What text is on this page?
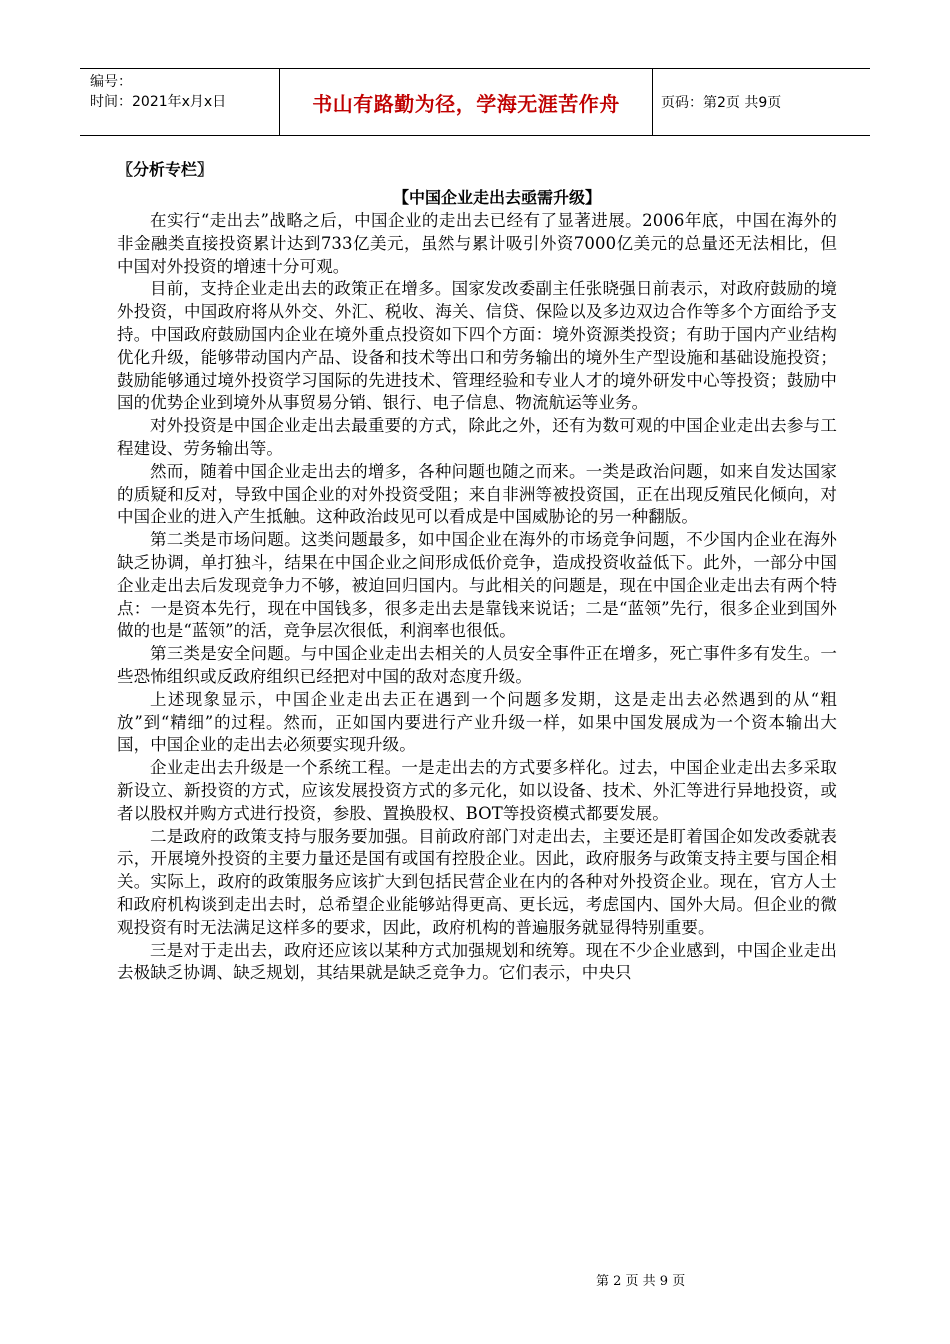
编号：
时间：2021年x月x日	书山有路勤为径，学海无涯苦作舟	页码：第2页 共9页
〖分析专栏〗
【中国企业走出去亟需升级】

在实行“走出去”战略之后，中国企业的走出去已经有了显著进展。2006年底，中国在海外的非金融类直接投资累计达到733亿美元，虽然与累计吸引外资7000亿美元的总量还无法相比，但中国对外投资的增速十分可观。

目前，支持企业走出去的政策正在增多。国家发改委副主任张晓强日前表示，对政府鼓励的境外投资，中国政府将从外交、外汇、税收、海关、信贷、保险以及多边双边合作等多个方面给予支持。中国政府鼓励国内企业在境外重点投资如下四个方面：境外资源类投资；有助于国内产业结构优化升级，能够带动国内产品、设备和技术等出口和劳务输出的境外生产型设施和基础设施投资；鼓励能够通过境外投资学习国际的先进技术、管理经验和专业人才的境外研发中心等投资；鼓励中国的优势企业到境外从事贸易分销、银行、电子信息、物流航运等业务。

对外投资是中国企业走出去最重要的方式，除此之外，还有为数可观的中国企业走出去参与工程建设、劳务输出等。

然而，随着中国企业走出去的增多，各种问题也随之而来。一类是政治问题，如来自发达国家的质疑和反对，导致中国企业的对外投资受阻；来自非洲等被投资国，正在出现反殖民化倾向，对中国企业的进入产生抵触。这种政治歧见可以看成是中国威胁论的另一种翻版。

第二类是市场问题。这类问题最多，如中国企业在海外的市场竞争问题，不少国内企业在海外缺乏协调，单打独斗，结果在中国企业之间形成低价竞争，造成投资收益低下。此外，一部分中国企业走出去后发现竞争力不够，被迫回归国内。与此相关的问题是，现在中国企业走出去有两个特点：一是资本先行，现在中国钱多，很多走出去是靠钱来说话；二是“蓝领”先行，很多企业到国外做的也是“蓝领”的活，竞争层次很低，利润率也很低。

第三类是安全问题。与中国企业走出去相关的人员安全事件正在增多，死亡事件多有发生。一些恐怖组织或反政府组织已经把对中国的敌对态度升级。

上述现象显示，中国企业走出去正在遇到一个问题多发期，这是走出去必然遇到的从“粗放”到“精细”的过程。然而，正如国内要进行产业升级一样，如果中国发展成为一个资本输出大国，中国企业的走出去必须要实现升级。

企业走出去升级是一个系统工程。一是走出去的方式要多样化。过去，中国企业走出去多采取新设立、新投资的方式，应该发展投资方式的多元化，如以设备、技术、外汇等进行异地投资，或者以股权并购方式进行投资，参股、置换股权、BOT等投资模式都要发展。

二是政府的政策支持与服务要加强。目前政府部门对走出去，主要还是盯着国企如发改委就表示，开展境外投资的主要力量还是国有或国有控股企业。因此，政府服务与政策支持主要与国企相关。实际上，政府的政策服务应该扩大到包括民营企业在内的各种对外投资企业。现在，官方人士和政府机构谈到走出去时，总希望企业能够站得更高、更长远，考虑国内、国外大局。但企业的微观投资有时无法满足这样多的要求，因此，政府机构的普遍服务就显得特别重要。

三是对于走出去，政府还应该以某种方式加强规划和统筹。现在不少企业感到，中国企业走出去极缺乏协调、缺乏规划，其结果就是缺乏竞争力。它们表示，中央只

第 2 页 共 9 页
